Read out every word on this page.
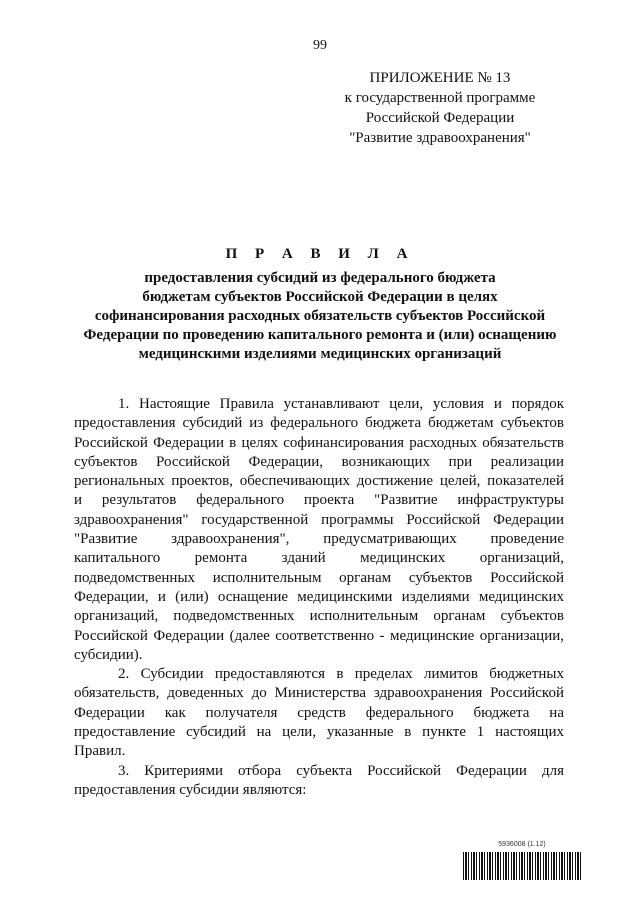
99
ПРИЛОЖЕНИЕ № 13
к государственной программе
Российской Федерации
"Развитие здравоохранения"
П Р А В И Л А
предоставления субсидий из федерального бюджета
бюджетам субъектов Российской Федерации в целях
софинансирования расходных обязательств субъектов Российской
Федерации по проведению капитального ремонта и (или) оснащению
медицинскими изделиями медицинских организаций
1. Настоящие Правила устанавливают цели, условия и порядок
предоставления субсидий из федерального бюджета бюджетам субъектов
Российской Федерации в целях софинансирования расходных обязательств
субъектов Российской Федерации, возникающих при реализации
региональных проектов, обеспечивающих достижение целей, показателей
и результатов федерального проекта "Развитие инфраструктуры
здравоохранения" государственной программы Российской Федерации
"Развитие здравоохранения", предусматривающих проведение
капитального ремонта зданий медицинских организаций,
подведомственных исполнительным органам субъектов Российской
Федерации, и (или) оснащение медицинскими изделиями медицинских
организаций, подведомственных исполнительным органам субъектов
Российской Федерации (далее соответственно - медицинские организации,
субсидии).
2. Субсидии предоставляются в пределах лимитов бюджетных
обязательств, доведенных до Министерства здравоохранения Российской
Федерации как получателя средств федерального бюджета на
предоставление субсидий на цели, указанные в пункте 1 настоящих
Правил.
3. Критериями отбора субъекта Российской Федерации для
предоставления субсидии являются:
5936008 (1.12)
